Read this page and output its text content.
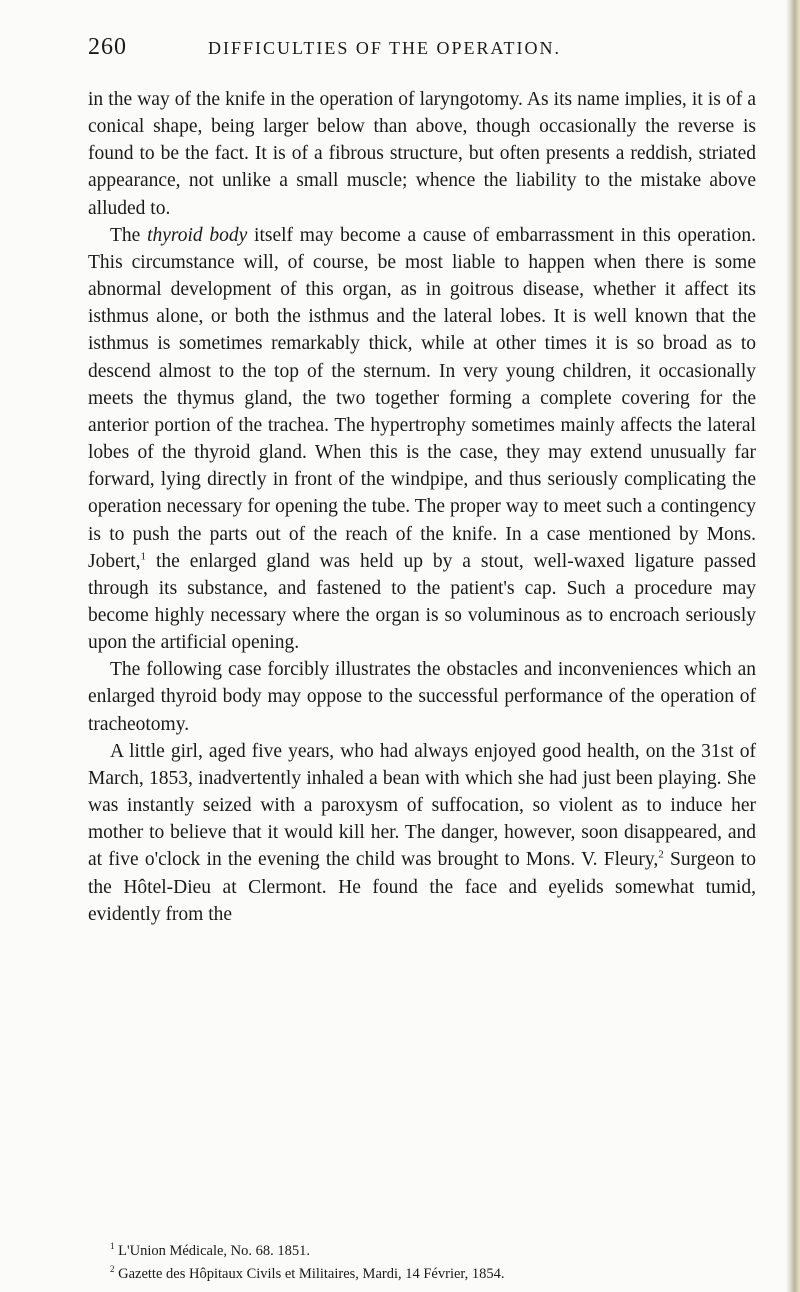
260	DIFFICULTIES OF THE OPERATION.

in the way of the knife in the operation of laryngotomy. As its name implies, it is of a conical shape, being larger below than above, though occasionally the reverse is found to be the fact. It is of a fibrous structure, but often presents a reddish, striated appearance, not unlike a small muscle; whence the liability to the mistake above alluded to.

The thyroid body itself may become a cause of embarrassment in this operation. This circumstance will, of course, be most liable to happen when there is some abnormal development of this organ, as in goitrous disease, whether it affect its isthmus alone, or both the isthmus and the lateral lobes. It is well known that the isthmus is sometimes remarkably thick, while at other times it is so broad as to descend almost to the top of the sternum. In very young children, it occasionally meets the thymus gland, the two together forming a complete covering for the anterior portion of the trachea. The hypertrophy sometimes mainly affects the lateral lobes of the thyroid gland. When this is the case, they may extend unusually far forward, lying directly in front of the windpipe, and thus seriously complicating the operation necessary for opening the tube. The proper way to meet such a contingency is to push the parts out of the reach of the knife. In a case mentioned by Mons. Jobert,$^1$ the enlarged gland was held up by a stout, well-waxed ligature passed through its substance, and fastened to the patient's cap. Such a procedure may become highly necessary where the organ is so voluminous as to encroach seriously upon the artificial opening.

The following case forcibly illustrates the obstacles and inconveniences which an enlarged thyroid body may oppose to the successful performance of the operation of tracheotomy.

A little girl, aged five years, who had always enjoyed good health, on the 31st of March, 1853, inadvertently inhaled a bean with which she had just been playing. She was instantly seized with a paroxysm of suffocation, so violent as to induce her mother to believe that it would kill her. The danger, however, soon disappeared, and at five o'clock in the evening the child was brought to Mons. V. Fleury,$^2$ Surgeon to the Hôtel-Dieu at Clermont. He found the face and eyelids somewhat tumid, evidently from the

$^1$ L'Union Médicale, No. 68. 1851.

$^2$ Gazette des Hôpitaux Civils et Militaires, Mardi, 14 Février, 1854.
